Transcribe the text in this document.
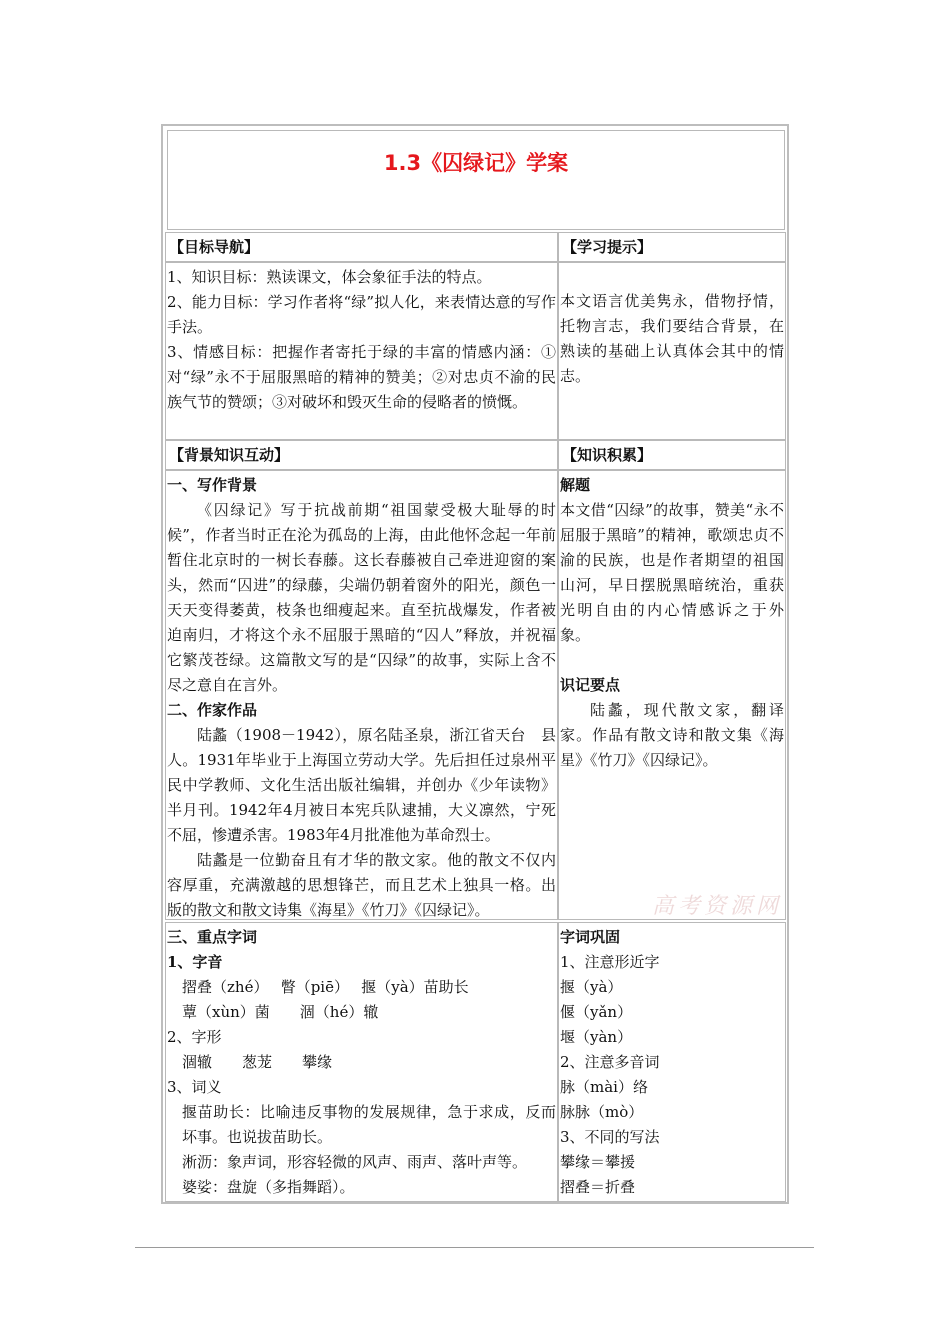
1.3《囚绿记》学案
【目标导航】	【学习提示】
1、知识目标：熟读课文，体会象征手法的特点。
2、能力目标：学习作者将“绿”拟人化，来表情达意的写作手法。
3、情感目标：把握作者寄托于绿的丰富的情感内涵：①对“绿”永不于屈服黑暗的精神的赞美；②对忠贞不渝的民族气节的赞颂；③对破坏和毁灭生命的侵略者的愤慨。
本文语言优美隽永，借物抒情，托物言志，我们要结合背景，在熟读的基础上认真体会其中的情志。
【背景知识互动】	【知识积累】
一、写作背景
《囚绿记》写于抗战前期“祖国蒙受极大耻辱的时候”，作者当时正在沦为孤岛的上海，由此他怀念起一年前暂住北京时的一树长春藤。这长春藤被自己牵进迎窗的案头，然而“囚进”的绿藤，尖端仍朝着窗外的阳光，颜色一天天变得萎黄，枝条也细瘦起来。直至抗战爆发，作者被迫南归，才将这个永不屈服于黑暗的“囚人”释放，并祝福它繁茂苍绿。这篇散文写的是“囚绿”的故事，实际上含不尽之意自在言外。
二、作家作品
陆蠡（1908－1942），原名陆圣泉，浙江省天台　县人。1931年毕业于上海国立劳动大学。先后担任过泉州平民中学教师、文化生活出版社编辑，并创办《少年读物》半月刊。1942年4月被日本宪兵队逮捕，大义凛然，宁死不屈，惨遭杀害。1983年4月批准他为革命烈士。
陆蠡是一位勤奋且有才华的散文家。他的散文不仅内容厚重，充满激越的思想锋芒，而且艺术上独具一格。出版的散文和散文诗集《海星》《竹刀》《囚绿记》。
解题
本文借“囚绿”的故事，赞美“永不屈服于黑暗”的精神，歌颂忠贞不渝的民族，也是作者期望的祖国山河，早日摆脱黑暗统治，重获光明自由的内心情感诉之于外象。
识记要点
陆蠡，现代散文家，翻译家。作品有散文诗和散文集《海星》《竹刀》《囚绿记》。
三、重点字词
1、字音
摺叠（zhé）　 瞥（piē）　 揠（yà）苗助长
蕈（xùn）菌　　涸（hé）辙
2、字形
涸辙　　葱茏　　攀缘
3、词义
揠苗助长：比喻违反事物的发展规律，急于求成，反而坏事。也说拔苗助长。
淅沥：象声词，形容轻微的风声、雨声、落叶声等。
婆娑：盘旋（多指舞蹈）。
字词巩固
1、注意形近字
揠（yà）
偃（yǎn）
堰（yàn）
2、注意多音词
脉（mài）络
脉脉（mò）
3、不同的写法
攀缘＝攀援
摺叠＝折叠
高考资源网
